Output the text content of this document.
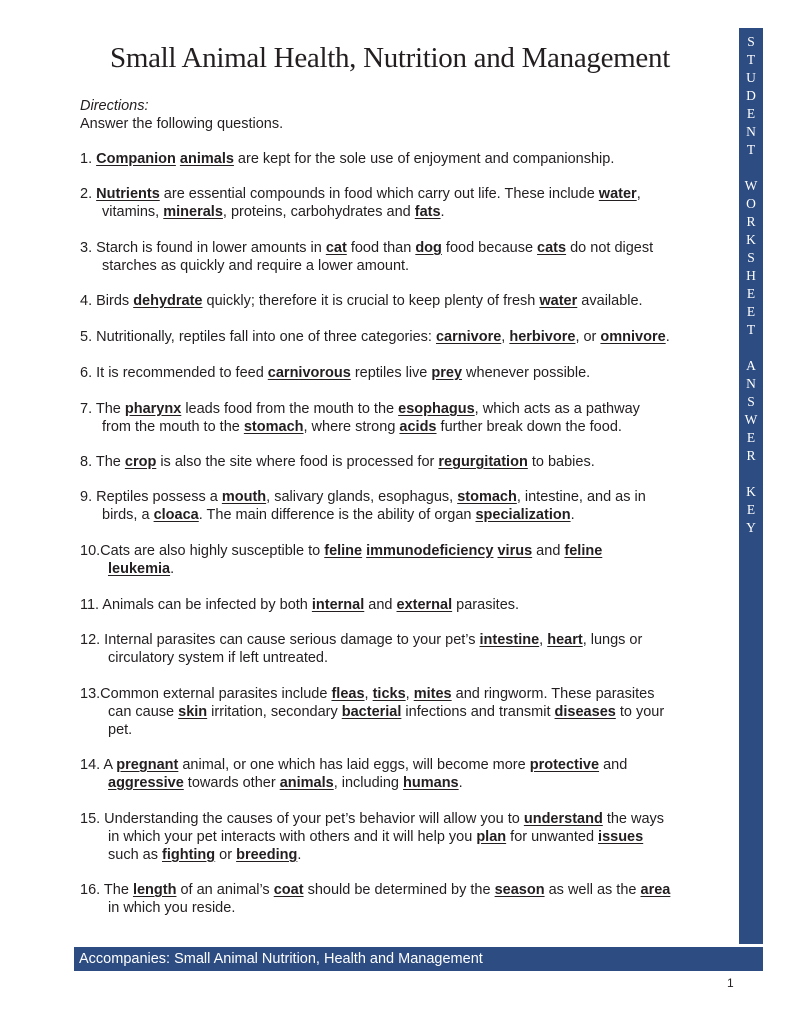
Small Animal Health, Nutrition and Management
S
T
U
D
E
N
T
W
O
R
K
S
H
E
E
T
A
N
S
W
E
R
K
E
Y
Directions:
Answer the following questions.
1. Companion animals are kept for the sole use of enjoyment and companionship.
2. Nutrients are essential compounds in food which carry out life. These include water,
vitamins, minerals, proteins, carbohydrates and fats.
3. Starch is found in lower amounts in cat food than dog food because cats do not digest
starches as quickly and require a lower amount.
4. Birds dehydrate quickly; therefore it is crucial to keep plenty of fresh water available.
5. Nutritionally, reptiles fall into one of three categories: carnivore, herbivore, or omnivore.
6. It is recommended to feed carnivorous reptiles live prey whenever possible.
7. The pharynx leads food from the mouth to the esophagus, which acts as a pathway
from the mouth to the stomach, where strong acids further break down the food.
8. The crop is also the site where food is processed for regurgitation to babies.
9. Reptiles possess a mouth, salivary glands, esophagus, stomach, intestine, and as in
birds, a cloaca. The main difference is the ability of organ specialization.
10.Cats are also highly susceptible to feline immunodeficiency virus and feline
leukemia.
11. Animals can be infected by both internal and external parasites.
12. Internal parasites can cause serious damage to your pet’s intestine, heart, lungs or
circulatory system if left untreated.
13.Common external parasites include fleas, ticks, mites and ringworm. These parasites
can cause skin irritation, secondary bacterial infections and transmit diseases to your
pet.
14. A pregnant animal, or one which has laid eggs, will become more protective and
aggressive towards other animals, including humans.
15. Understanding the causes of your pet’s behavior will allow you to understand the ways
in which your pet interacts with others and it will help you plan for unwanted issues
such as fighting or breeding.
16. The length of an animal’s coat should be determined by the season as well as the area
in which you reside.
Accompanies: Small Animal Nutrition, Health and Management
1
